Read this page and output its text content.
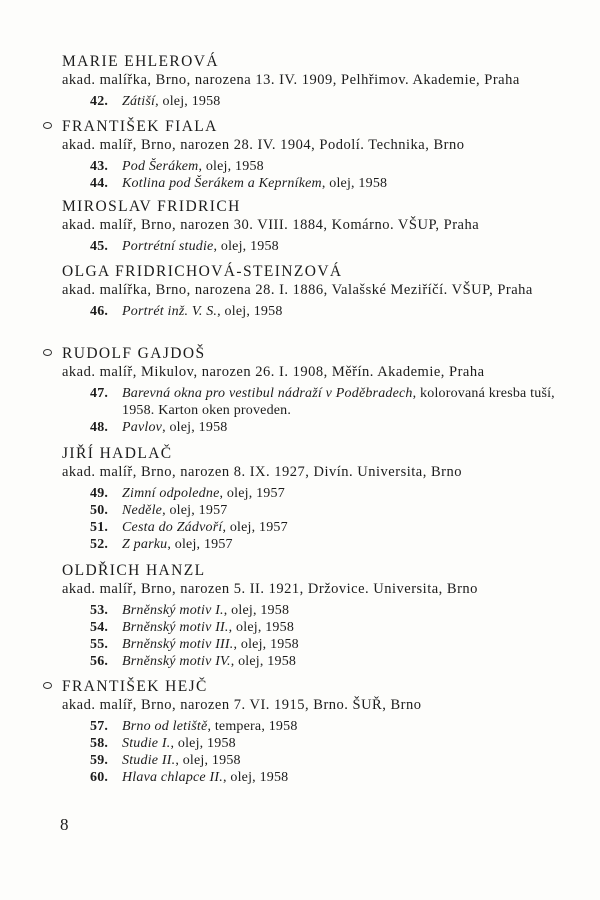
MARIE EHLEROVÁ
akad. malířka, Brno, narozena 13. IV. 1909, Pelhřimov. Akademie, Praha
42. Zátiší, olej, 1958
FRANTIŠEK FIALA
akad. malíř, Brno, narozen 28. IV. 1904, Podolí. Technika, Brno
43. Pod Šerákem, olej, 1958
44. Kotlina pod Šerákem a Keprníkem, olej, 1958
MIROSLAV FRIDRICH
akad. malíř, Brno, narozen 30. VIII. 1884, Komárno. VŠUP, Praha
45. Portrétní studie, olej, 1958
OLGA FRIDRICHOVÁ-STEINZOVÁ
akad. malířka, Brno, narozena 28. I. 1886, Valašské Meziříčí. VŠUP, Praha
46. Portrét inž. V. S., olej, 1958
RUDOLF GAJDOŠ
akad. malíř, Mikulov, narozen 26. I. 1908, Měřín. Akademie, Praha
47. Barevná okna pro vestibul nádraží v Poděbradech, kolorovaná kresba tuší, 1958. Karton oken proveden.
48. Pavlov, olej, 1958
JIŘÍ HADLAČ
akad. malíř, Brno, narozen 8. IX. 1927, Divín. Universita, Brno
49. Zimní odpoledne, olej, 1957
50. Neděle, olej, 1957
51. Cesta do Zádvoří, olej, 1957
52. Z parku, olej, 1957
OLDŘICH HANZL
akad. malíř, Brno, narozen 5. II. 1921, Držovice. Universita, Brno
53. Brněnský motiv I., olej, 1958
54. Brněnský motiv II., olej, 1958
55. Brněnský motiv III., olej, 1958
56. Brněnský motiv IV., olej, 1958
FRANTIŠEK HEJČ
akad. malíř, Brno, narozen 7. VI. 1915, Brno. ŠUŘ, Brno
57. Brno od letiště, tempera, 1958
58. Studie I., olej, 1958
59. Studie II., olej, 1958
60. Hlava chlapce II., olej, 1958
8
